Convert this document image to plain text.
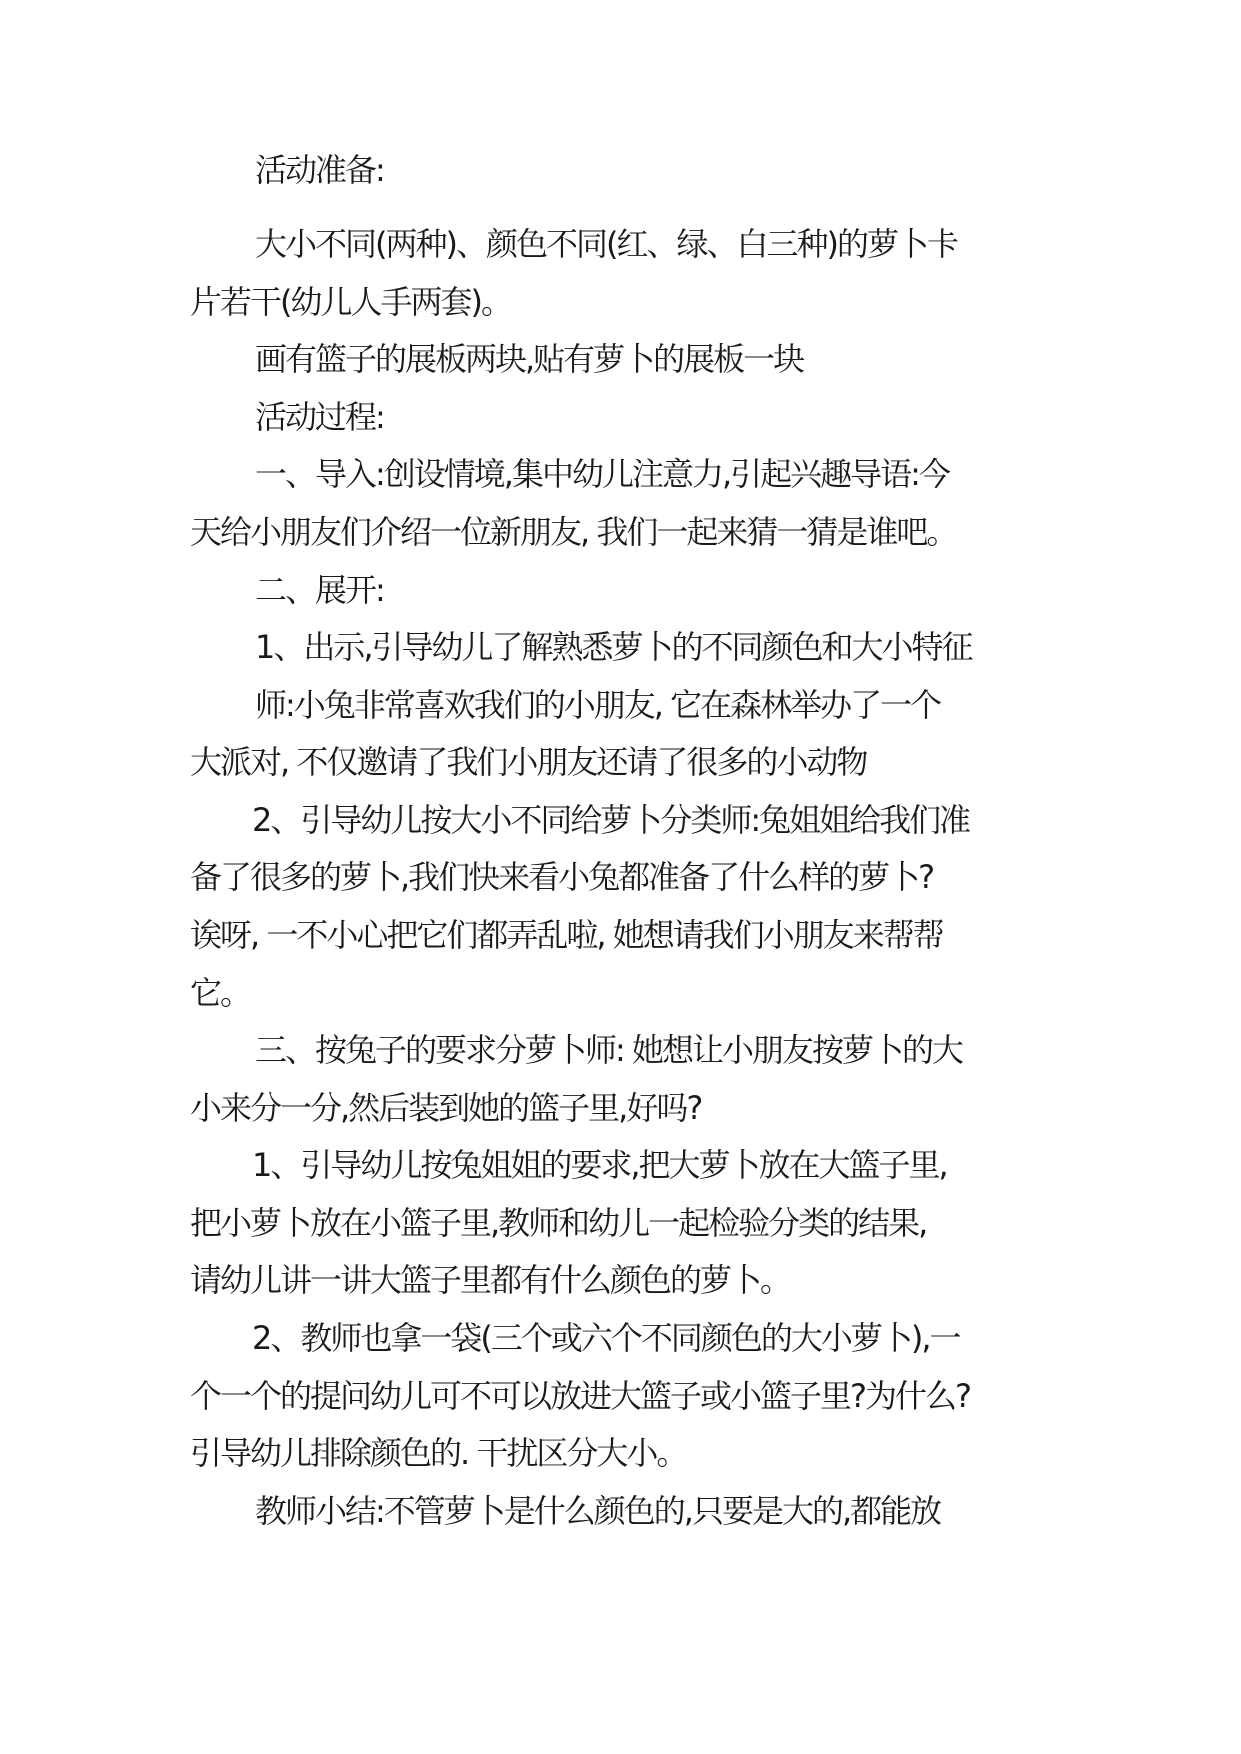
活动准备:
大小不同(两种)、颜色不同(红、绿、白三种)的萝卜卡
片若干(幼儿人手两套)。
画有篮子的展板两块,贴有萝卜的展板一块
活动过程:
一、导入:创设情境,集中幼儿注意力,引起兴趣导语:今
天给小朋友们介绍一位新朋友, 我们一起来猜一猜是谁吧。
二、展开:
1、出示,引导幼儿了解熟悉萝卜的不同颜色和大小特征
师:小兔非常喜欢我们的小朋友, 它在森林举办了一个
大派对, 不仅邀请了我们小朋友还请了很多的小动物
2、引导幼儿按大小不同给萝卜分类师:兔姐姐给我们准
备了很多的萝卜,我们快来看小兔都准备了什么样的萝卜?
诶呀, 一不小心把它们都弄乱啦, 她想请我们小朋友来帮帮
它。
三、按兔子的要求分萝卜师: 她想让小朋友按萝卜的大
小来分一分,然后装到她的篮子里,好吗?
1、引导幼儿按兔姐姐的要求,把大萝卜放在大篮子里,
把小萝卜放在小篮子里,教师和幼儿一起检验分类的结果,
请幼儿讲一讲大篮子里都有什么颜色的萝卜。
2、教师也拿一袋(三个或六个不同颜色的大小萝卜),一
个一个的提问幼儿可不可以放进大篮子或小篮子里?为什么?
引导幼儿排除颜色的. 干扰区分大小。
教师小结:不管萝卜是什么颜色的,只要是大的,都能放
